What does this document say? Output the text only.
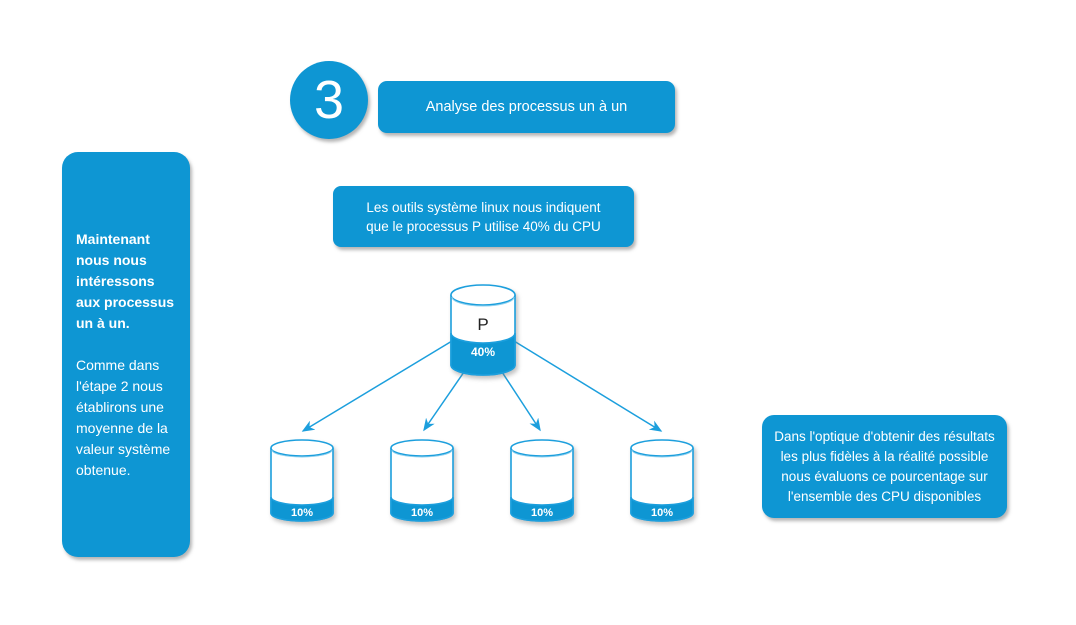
3	Analyse des processus un à un

Maintenant nous nous intéressons aux processus un à un.

Comme dans l'étape 2 nous établirons une moyenne de la valeur système obtenue.

Les outils système linux nous indiquent que le processus P utilise 40% du CPU
Dans l'optique d'obtenir des résultats les plus fidèles à la réalité possible nous évaluons ce pourcentage sur l'ensemble des CPU disponibles
P
40%
10%	10%	10%	10%
